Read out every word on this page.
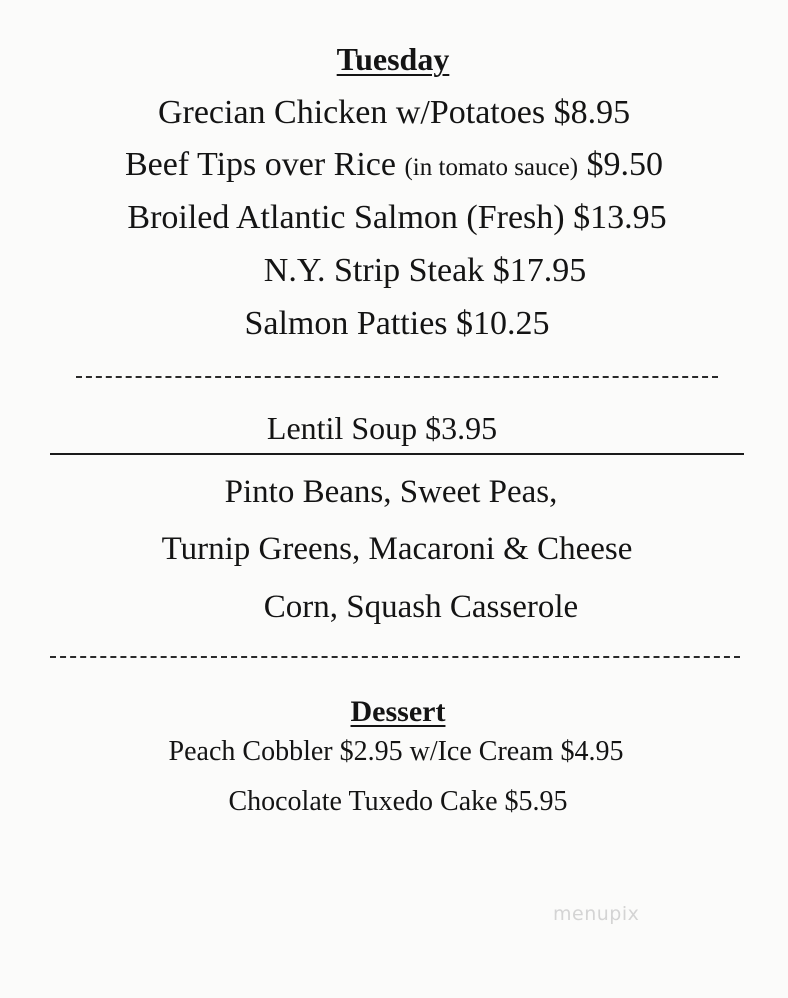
Tuesday
Grecian Chicken w/Potatoes $8.95
Beef Tips over Rice (in tomato sauce) $9.50
Broiled Atlantic Salmon (Fresh) $13.95
N.Y. Strip Steak $17.95
Salmon Patties $10.25
Lentil Soup $3.95
Pinto Beans, Sweet Peas,
Turnip Greens, Macaroni & Cheese
Corn, Squash Casserole
Dessert
Peach Cobbler $2.95 w/Ice Cream $4.95
Chocolate Tuxedo Cake $5.95
menupix
